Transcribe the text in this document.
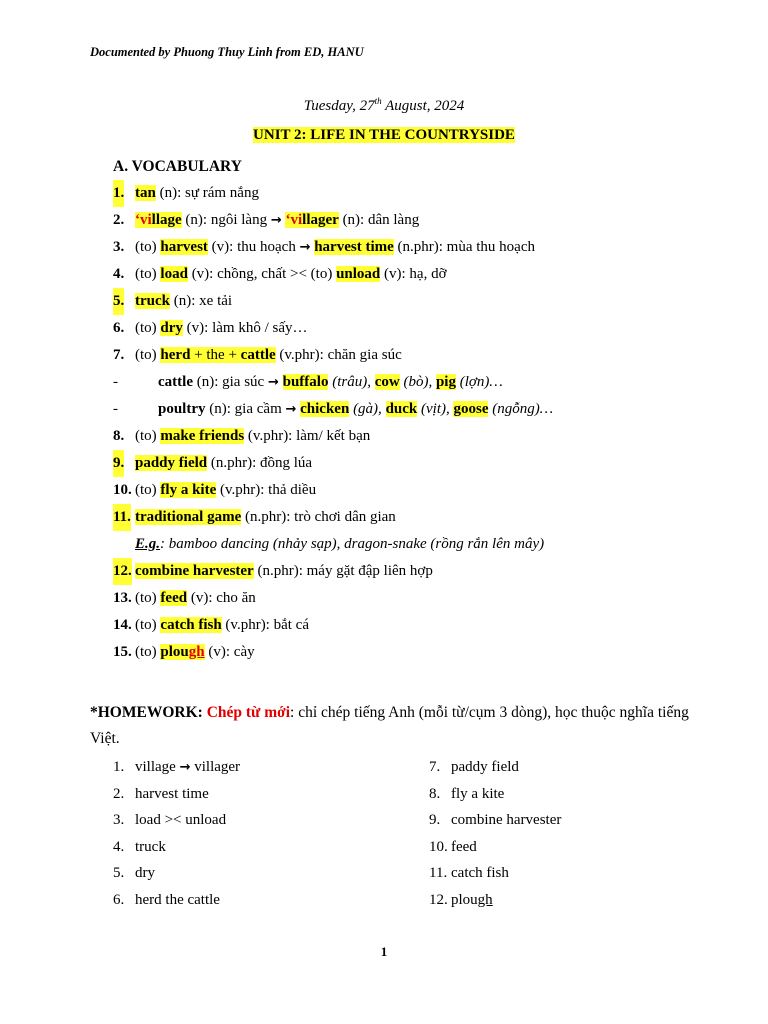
Documented by Phuong Thuy Linh from ED, HANU
Tuesday, 27th August, 2024
UNIT 2: LIFE IN THE COUNTRYSIDE
A. VOCABULARY
1. tan (n): sự rám nắng
2. ‘village (n): ngôi làng → ‘villager (n): dân làng
3. (to) harvest (v): thu hoạch → harvest time (n.phr): mùa thu hoạch
4. (to) load (v): chồng, chất >< (to) unload (v): hạ, dỡ
5. truck (n): xe tải
6. (to) dry (v): làm khô / sấy…
7. (to) herd + the + cattle (v.phr): chăn gia súc
-	cattle (n): gia súc → buffalo (trâu), cow (bò), pig (lợn)…
-	poultry (n): gia cầm → chicken (gà), duck (vịt), goose (ngỗng)…
8. (to) make friends (v.phr): làm/ kết bạn
9. paddy field (n.phr): đồng lúa
10. (to) fly a kite (v.phr): thả diều
11. traditional game (n.phr): trò chơi dân gian
E.g.: bamboo dancing (nhảy sạp), dragon-snake (rồng rắn lên mây)
12. combine harvester (n.phr): máy gặt đập liên hợp
13. (to) feed (v): cho ăn
14. (to) catch fish (v.phr): bắt cá
15. (to) plough (v): cày
*HOMEWORK: Chép từ mới: chỉ chép tiếng Anh (mỗi từ/cụm 3 dòng), học thuộc nghĩa tiếng Việt.
1. village → villager
2. harvest time
3. load >< unload
4. truck
5. dry
6. herd the cattle
7. paddy field
8. fly a kite
9. combine harvester
10. feed
11. catch fish
12. plough
1
